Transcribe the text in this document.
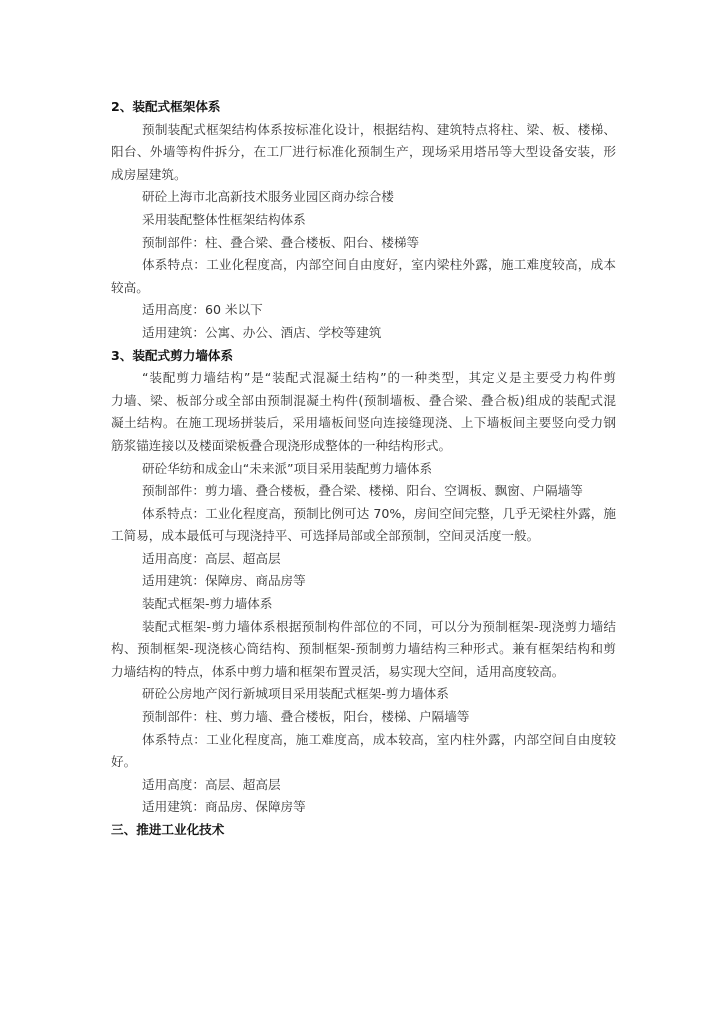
2、装配式框架体系

预制装配式框架结构体系按标准化设计，根据结构、建筑特点将柱、梁、板、楼梯、

阳台、外墙等构件拆分，在工厂进行标准化预制生产，现场采用塔吊等大型设备安装，形

成房屋建筑。

研砼上海市北高新技术服务业园区商办综合楼

采用装配整体性框架结构体系

预制部件：柱、叠合梁、叠合楼板、阳台、楼梯等

体系特点：工业化程度高，内部空间自由度好，室内梁柱外露，施工难度较高，成本

较高。

适用高度：60 米以下

适用建筑：公寓、办公、酒店、学校等建筑

3、装配式剪力墙体系

“装配剪力墙结构”是“装配式混凝土结构”的一种类型，其定义是主要受力构件剪

力墙、梁、板部分或全部由预制混凝土构件(预制墙板、叠合梁、叠合板)组成的装配式混

凝土结构。在施工现场拼装后，采用墙板间竖向连接缝现浇、上下墙板间主要竖向受力钢

筋浆锚连接以及楼面梁板叠合现浇形成整体的一种结构形式。

研砼华纺和成金山“未来派”项目采用装配剪力墙体系

预制部件：剪力墙、叠合楼板，叠合梁、楼梯、阳台、空调板、飘窗、户隔墙等

体系特点：工业化程度高，预制比例可达 70%，房间空间完整，几乎无梁柱外露，施

工简易，成本最低可与现浇持平、可选择局部或全部预制，空间灵活度一般。

适用高度：高层、超高层

适用建筑：保障房、商品房等

装配式框架-剪力墙体系

装配式框架-剪力墙体系根据预制构件部位的不同，可以分为预制框架-现浇剪力墙结

构、预制框架-现浇核心筒结构、预制框架-预制剪力墙结构三种形式。兼有框架结构和剪

力墙结构的特点，体系中剪力墙和框架布置灵活，易实现大空间，适用高度较高。

研砼公房地产闵行新城项目采用装配式框架-剪力墙体系

预制部件：柱、剪力墙、叠合楼板，阳台，楼梯、户隔墙等

体系特点：工业化程度高，施工难度高，成本较高，室内柱外露，内部空间自由度较

好。

适用高度：高层、超高层

适用建筑：商品房、保障房等

三、推进工业化技术
